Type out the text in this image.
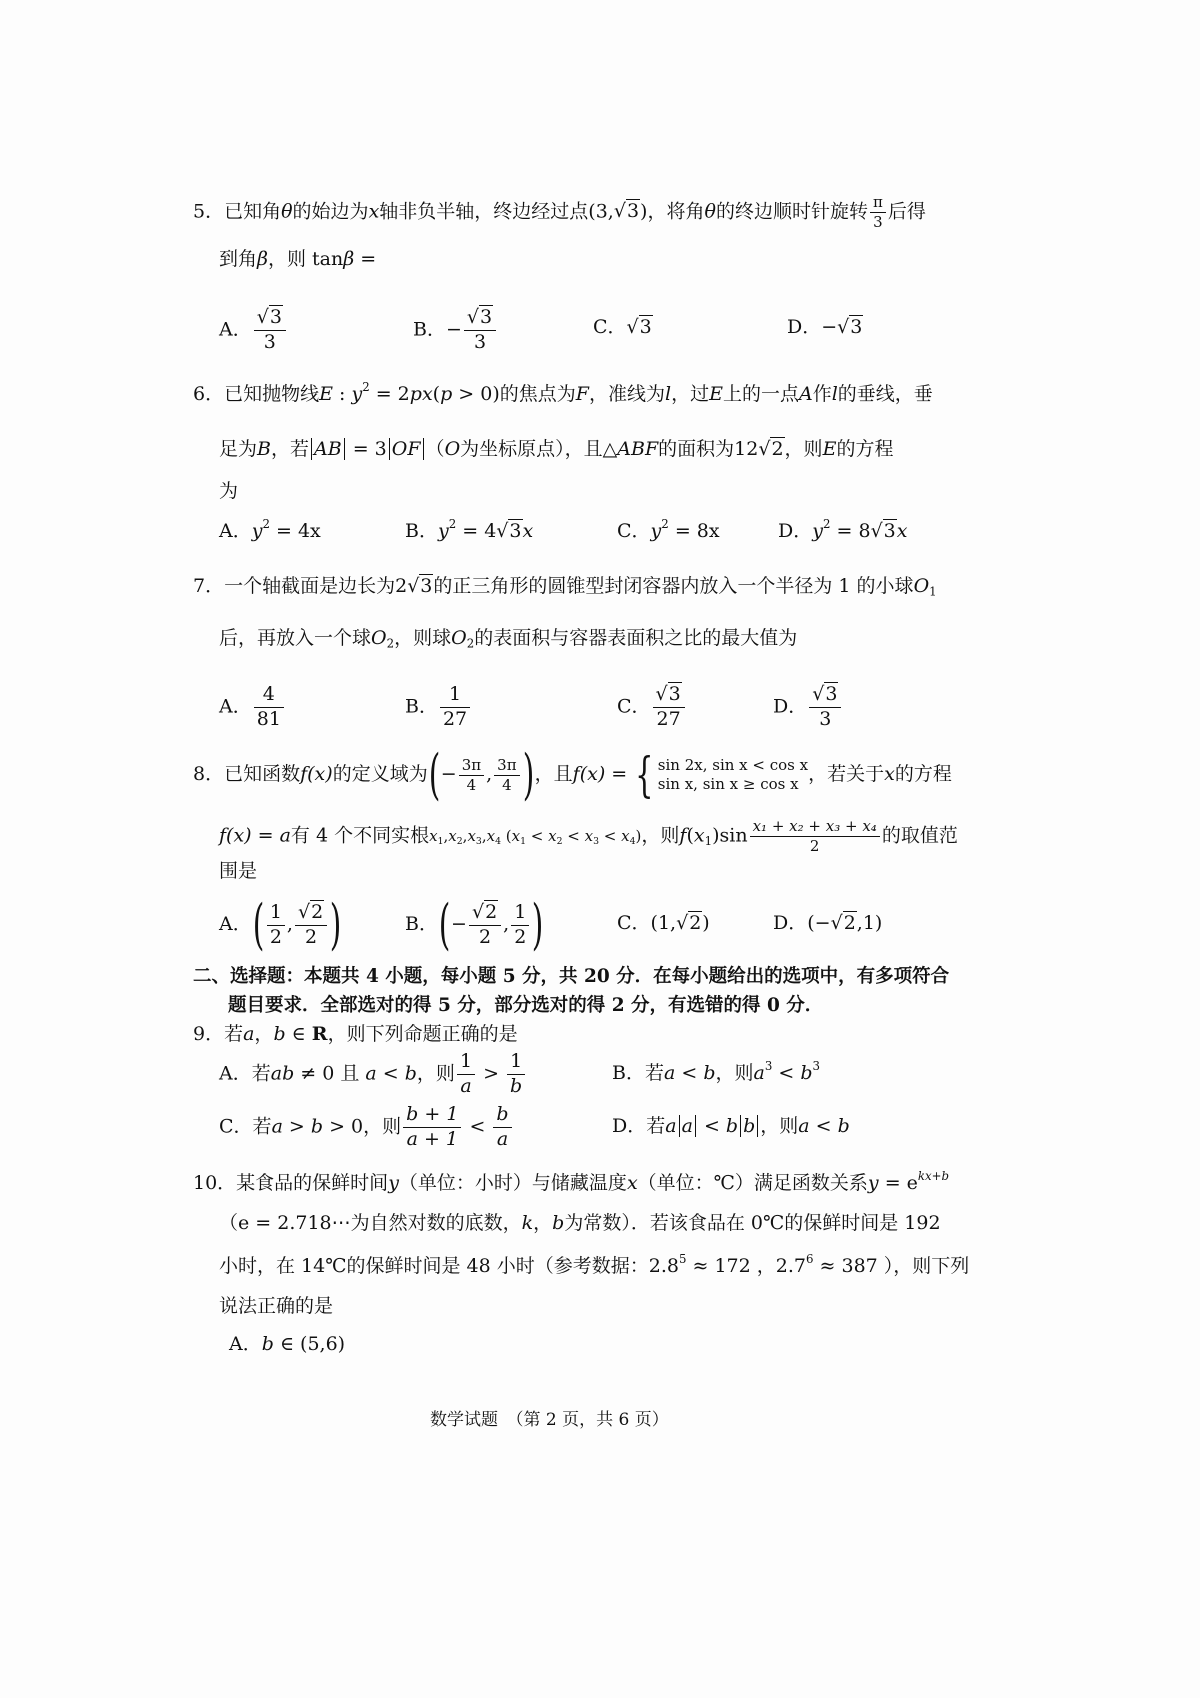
5．已知角θ的始边为x轴非负半轴，终边经过点(3,√3)，将角θ的终边顺时针旋转 $\frac{\pi}{3}$ 后得
到角β，则 tanβ =
A． $\frac{√3}{3}$	B．− $\frac{√3}{3}$	C．√3	D．−√3
6．已知抛物线E : $y^2 = 2px(p > 0)$的焦点为F，准线为l，过E上的一点A作l的垂线，垂
足为B，若 AB = 3 OF （O为坐标原点），且△ABF的面积为12√2，则E的方程
为
A．$y^2 = 4x$	B．$y^2 = 4√3x$	C．$y^2 = 8x$	D．$y^2 = 8√3x$
7．一个轴截面是边长为2√3的正三角形的圆锥型封闭容器内放入一个半径为 1 的小球$O_1$
后，再放入一个球$O_2$，则球$O_2$的表面积与容器表面积之比的最大值为
A． $\frac{4}{81}$	B． $\frac{1}{27}$	C． $\frac{√3}{27}$	D． $\frac{√3}{3}$
8．已知函数f(x)的定义域为(− $\frac{3\pi}{4}$ , $\frac{3\pi}{4}$ )，且f(x) = { sin 2x, sin x < cos x
sin x, sin x ≥ cos x ，若关于x的方程
f(x) = a有 4 个不同实根$x_1,x_2,x_3,x_4$ $(x_1 < x_2 < x_3 < x_4)$，则$f(x_1)\sin \frac{\text{x₁ + x₂ + x₃ + x₄}}{2}$ 的取值范
围是
A．( $\frac{1}{2}$ , $\frac{√2}{2}$ )	B．(− $\frac{√2}{2}$ , $\frac{1}{2}$ )	C．(1,√2)	D．(−√2,1)
二、选择题：本题共 4 小题，每小题 5 分，共 20 分．在每小题给出的选项中，有多项符合
题目要求．全部选对的得 5 分，部分选对的得 2 分，有选错的得 0 分．
9．若a，b ∈ R，则下列命题正确的是
A．若ab ≠ 0 且 a < b，则 $\frac{1}{a} > \frac{1}{b}$	B．若a < b，则$a^3 < b^3$
C．若a > b > 0，则 $\frac{b + 1}{a + 1} < \frac{b}{a}$	D．若a a < b b ，则a < b
10．某食品的保鲜时间y（单位：小时）与储藏温度x（单位：℃）满足函数关系$y = e^{kx+b}$
（e = 2.718⋯为自然对数的底数，k，b为常数）．若该食品在 0℃的保鲜时间是 192
小时，在 14℃的保鲜时间是 48 小时（参考数据：$2.8^5 \approx 172$ ，$2.7^6 \approx 387$ ），则下列
说法正确的是
A．b ∈ (5,6)
数学试题　（第 2 页，共 6 页）
